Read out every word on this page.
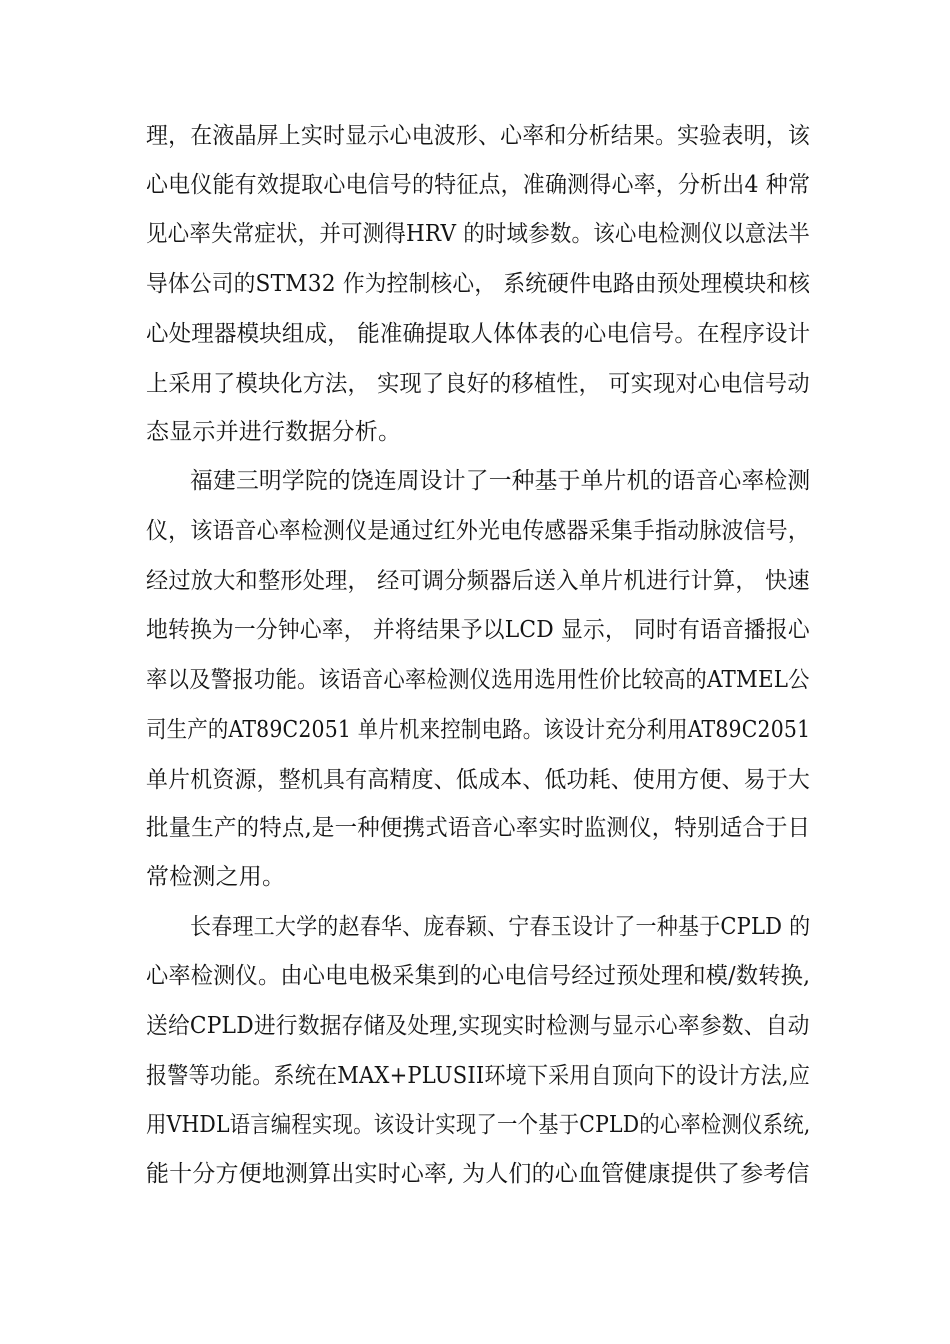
理，在液晶屏上实时显示心电波形、心率和分析结果。实验表明，该
心电仪能有效提取心电信号的特征点，准确测得心率，分析出4 种常
见心率失常症状，并可测得HRV 的时域参数。该心电检测仪以意法半
导体公司的STM32 作为控制核心， 系统硬件电路由预处理模块和核
心处理器模块组成， 能准确提取人体体表的心电信号。在程序设计
上采用了模块化方法， 实现了良好的移植性， 可实现对心电信号动
态显示并进行数据分析。
福建三明学院的饶连周设计了一种基于单片机的语音心率检测
仪，该语音心率检测仪是通过红外光电传感器采集手指动脉波信号，
经过放大和整形处理， 经可调分频器后送入单片机进行计算， 快速
地转换为一分钟心率， 并将结果予以LCD 显示， 同时有语音播报心
率以及警报功能。该语音心率检测仪选用选用性价比较高的ATMEL公
司生产的AT89C2051 单片机来控制电路。该设计充分利用AT89C2051
单片机资源，整机具有高精度、低成本、低功耗、使用方便、易于大
批量生产的特点,是一种便携式语音心率实时监测仪，特别适合于日
常检测之用。
长春理工大学的赵春华、庞春颖、宁春玉设计了一种基于CPLD 的
心率检测仪。由心电电极采集到的心电信号经过预处理和模/数转换,
送给CPLD进行数据存储及处理,实现实时检测与显示心率参数、自动
报警等功能。系统在MAX+PLUSII环境下采用自顶向下的设计方法,应
用VHDL语言编程实现。该设计实现了一个基于CPLD的心率检测仪系统,
能十分方便地测算出实时心率, 为人们的心血管健康提供了参考信
